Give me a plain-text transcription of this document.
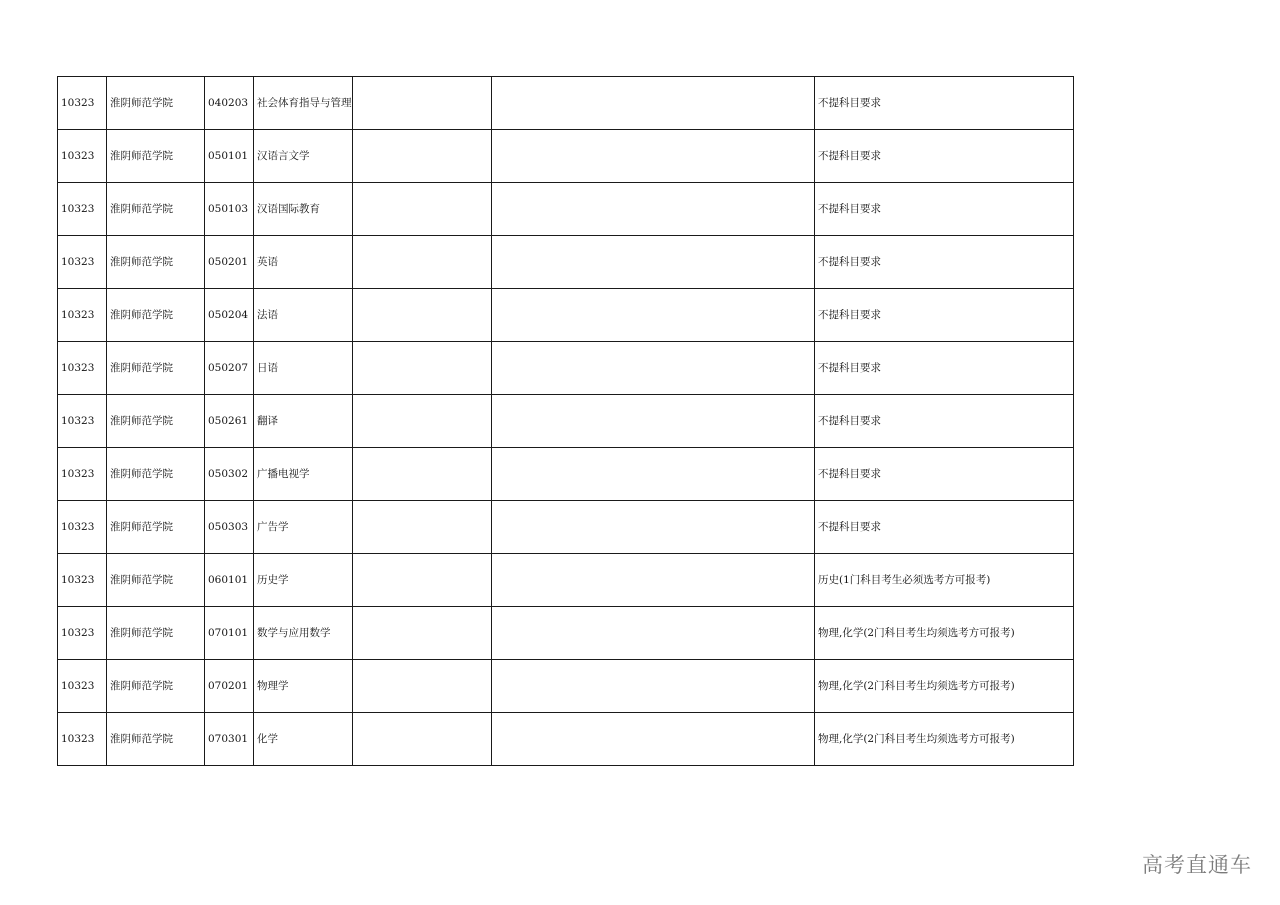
10323	淮阴师范学院	040203	社会体育指导与管理			不提科目要求
10323	淮阴师范学院	050101	汉语言文学			不提科目要求
10323	淮阴师范学院	050103	汉语国际教育			不提科目要求
10323	淮阴师范学院	050201	英语			不提科目要求
10323	淮阴师范学院	050204	法语			不提科目要求
10323	淮阴师范学院	050207	日语			不提科目要求
10323	淮阴师范学院	050261	翻译			不提科目要求
10323	淮阴师范学院	050302	广播电视学			不提科目要求
10323	淮阴师范学院	050303	广告学			不提科目要求
10323	淮阴师范学院	060101	历史学			历史(1门科目考生必须选考方可报考)
10323	淮阴师范学院	070101	数学与应用数学			物理,化学(2门科目考生均须选考方可报考)
10323	淮阴师范学院	070201	物理学			物理,化学(2门科目考生均须选考方可报考)
10323	淮阴师范学院	070301	化学			物理,化学(2门科目考生均须选考方可报考)
高考直通车
